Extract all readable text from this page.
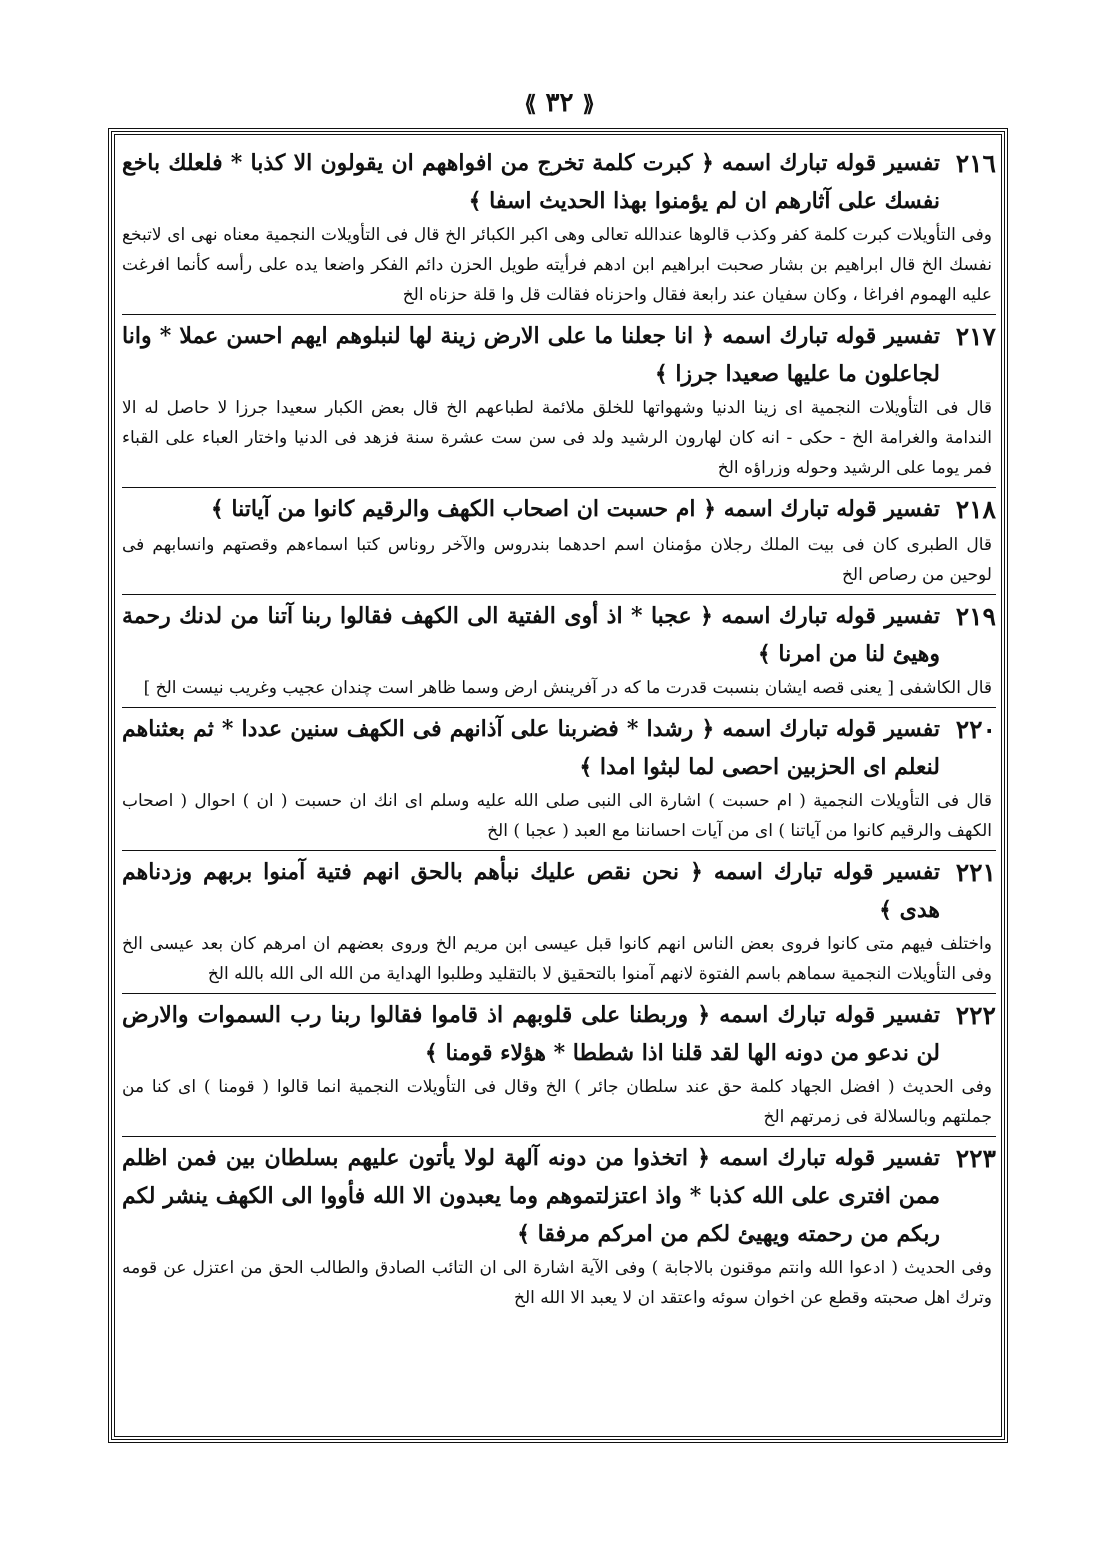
⟪ ٣٢ ⟫
٢١٦
تفسير قوله تبارك اسمه ﴿ كبرت كلمة تخرج من افواههم ان يقولون الا كذبا * فلعلك باخع نفسك على آثارهم ان لم يؤمنوا بهذا الحديث اسفا ﴾
وفى التأويلات كبرت كلمة كفر وكذب قالوها عندالله تعالى وهى اكبر الكبائر الخ قال فى التأويلات النجمية معناه نهى اى لاتبخع نفسك الخ قال ابراهيم بن بشار صحبت ابراهيم ابن ادهم فرأيته طويل الحزن دائم الفكر واضعا يده على رأسه كأنما افرغت عليه الهموم افراغا ، وكان سفيان عند رابعة فقال واحزناه فقالت قل وا قلة حزناه الخ
٢١٧
تفسير قوله تبارك اسمه ﴿ انا جعلنا ما على الارض زينة لها لنبلوهم ايهم احسن عملا * وانا لجاعلون ما عليها صعيدا جرزا ﴾
قال فى التأويلات النجمية اى زينا الدنيا وشهواتها للخلق ملائمة لطباعهم الخ قال بعض الكبار سعيدا جرزا لا حاصل له الا الندامة والغرامة الخ - حكى - انه كان لهارون الرشيد ولد فى سن ست عشرة سنة فزهد فى الدنيا واختار العباء على القباء فمر يوما على الرشيد وحوله وزراؤه الخ
٢١٨
تفسير قوله تبارك اسمه ﴿ ام حسبت ان اصحاب الكهف والرقيم كانوا من آياتنا ﴾
قال الطبرى كان فى بيت الملك رجلان مؤمنان اسم احدهما بندروس والآخر روناس كتبا اسماءهم وقصتهم وانسابهم فى لوحين من رصاص الخ
٢١٩
تفسير قوله تبارك اسمه ﴿ عجبا * اذ أوى الفتية الى الكهف فقالوا ربنا آتنا من لدنك رحمة وهيئ لنا من امرنا ﴾
قال الكاشفى [ يعنى قصه ايشان بنسبت قدرت ما كه در آفرينش ارض وسما ظاهر است چندان عجيب وغريب نيست الخ ]
٢٢٠
تفسير قوله تبارك اسمه ﴿ رشدا * فضربنا على آذانهم فى الكهف سنين عددا * ثم بعثناهم لنعلم اى الحزبين احصى لما لبثوا امدا ﴾
قال فى التأويلات النجمية ( ام حسبت ) اشارة الى النبى صلى الله عليه وسلم اى انك ان حسبت ( ان ) احوال ( اصحاب الكهف والرقيم كانوا من آياتنا ) اى من آيات احساننا مع العبد ( عجبا ) الخ
٢٢١
تفسير قوله تبارك اسمه ﴿ نحن نقص عليك نبأهم بالحق انهم فتية آمنوا بربهم وزدناهم هدى ﴾
واختلف فيهم متى كانوا فروى بعض الناس انهم كانوا قبل عيسى ابن مريم الخ وروى بعضهم ان امرهم كان بعد عيسى الخ وفى التأويلات النجمية سماهم باسم الفتوة لانهم آمنوا بالتحقيق لا بالتقليد وطلبوا الهداية من الله الى الله بالله الخ
٢٢٢
تفسير قوله تبارك اسمه ﴿ وربطنا على قلوبهم اذ قاموا فقالوا ربنا رب السموات والارض لن ندعو من دونه الها لقد قلنا اذا شططا * هؤلاء قومنا ﴾
وفى الحديث ( افضل الجهاد كلمة حق عند سلطان جائر ) الخ وقال فى التأويلات النجمية انما قالوا ( قومنا ) اى كنا من جملتهم وبالسلالة فى زمرتهم الخ
٢٢٣
تفسير قوله تبارك اسمه ﴿ اتخذوا من دونه آلهة لولا يأتون عليهم بسلطان بين فمن اظلم ممن افترى على الله كذبا * واذ اعتزلتموهم وما يعبدون الا الله فأووا الى الكهف ينشر لكم ربكم من رحمته ويهيئ لكم من امركم مرفقا ﴾
وفى الحديث ( ادعوا الله وانتم موقنون بالاجابة ) وفى الآية اشارة الى ان التائب الصادق والطالب الحق من اعتزل عن قومه وترك اهل صحبته وقطع عن اخوان سوئه واعتقد ان لا يعبد الا الله الخ
